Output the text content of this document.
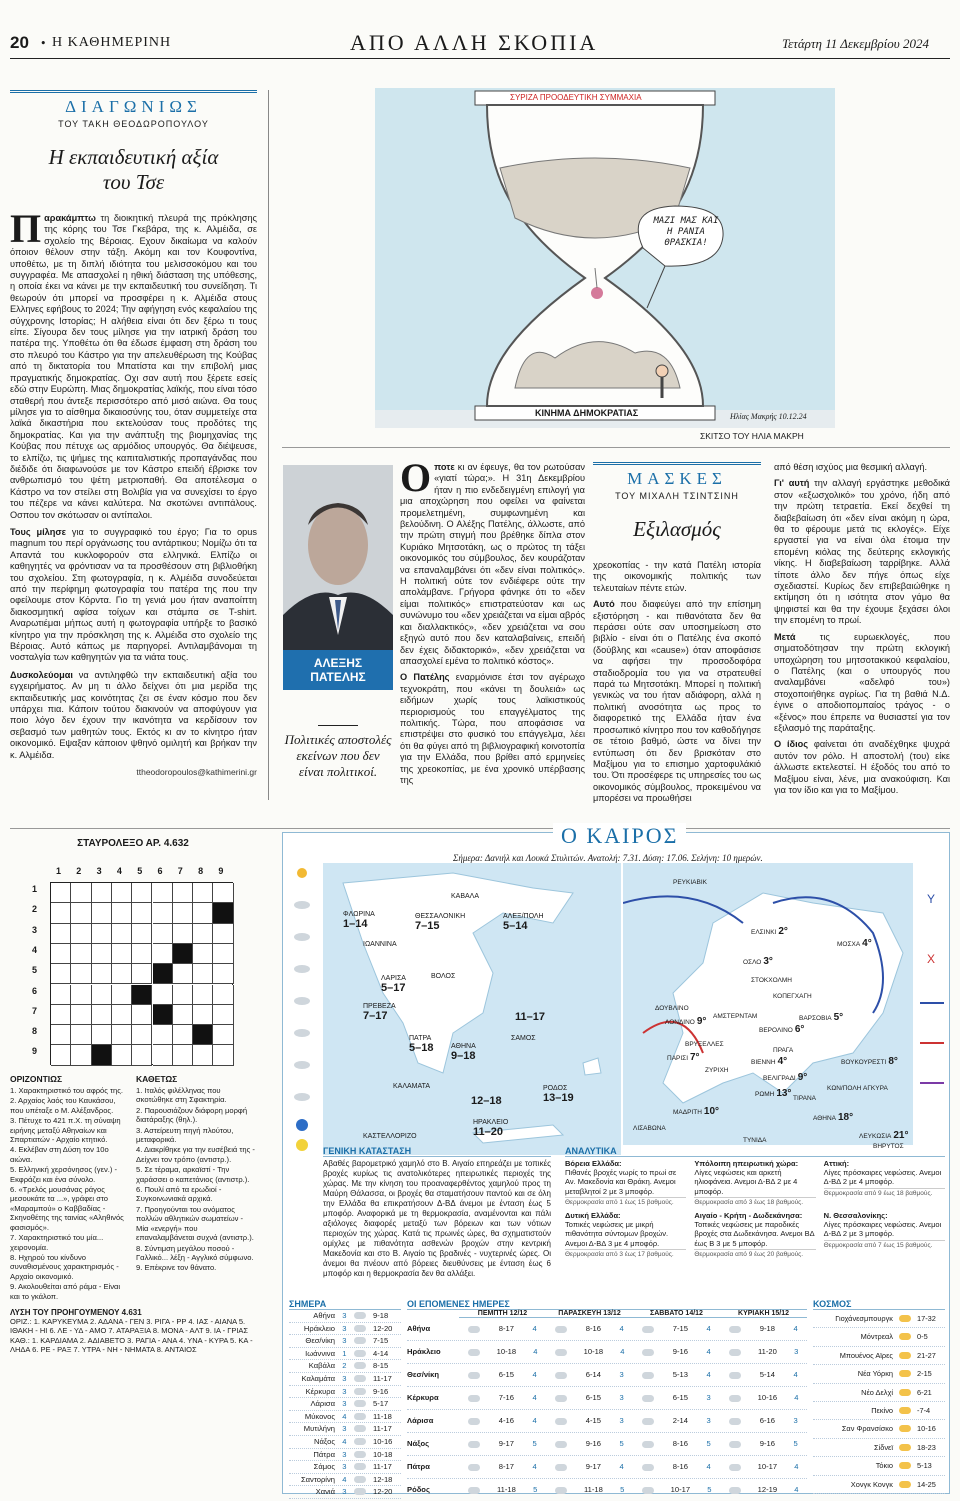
20 • Η ΚΑΘΗΜΕΡΙΝΗ	ΑΠΟ ΑΛΛΗ ΣΚΟΠΙΑ	Τετάρτη 11 Δεκεμβρίου 2024
ΔΙΑΓΩΝΙΩΣ
ΤΟΥ ΤΑΚΗ ΘΕΟΔΩΡΟΠΟΥΛΟΥ
Η εκπαιδευτική αξία του Τσε

Παρακάμπτω τη διοικητική πλευρά της πρόκλησης της κόρης του Τσε Γκεβάρα, της κ. Αλμέιδα, σε σχολείο της Βέροιας. Εχουν δικαίωμα να καλούν όποιον θέλουν στην τάξη. Ακόμη και τον Κουφοντίνα, υποθέτω, με τη διπλή ιδιότητα του μελισσοκόμου και του συγγραφέα. Με απασχολεί η ηθική διάσταση της υπόθεσης, η οποία έκει να κάνει με την εκπαιδευτική του συνείδηση. Τι θεωρούν ότι μπορεί να προσφέρει η κ. Αλμέιδα στους Ελληνες εφήβους το 2024; Την αφήγηση ενός κεφαλαίου της σύγχρονης Ιστορίας; Η αλήθεια είναι ότι δεν ξέρω τι τους είπε. Σίγουρα δεν τους μίλησε για την ιατρική δράση του πατέρα της. Υποθέτω ότι θα έδωσε έμφαση στη δράση του στο πλευρό του Κάστρο για την απελευθέρωση της Κούβας από τη δικτατορία του Μπατίστα και την επιβολή μιας πραγματικής δημοκρατίας. Οχι σαν αυτή που ξέρετε εσείς εδώ στην Ευρώπη. Μιας δημοκρατίας λαϊκής, που είναι τόσο σταθερή που άντεξε περισσότερο από μισό αιώνα. Θα τους μίλησε για το αίσθημα δικαιοσύνης του, όταν συμμετείχε στα λαϊκά δικαστήρια που εκτελούσαν τους προδότες της δημοκρατίας. Και για την ανάπτυξη της βιομηχανίας της Κούβας που πέτυχε ως αρμόδιος υπουργός. Θα διέψευσε, το ελπίζω, τις ψήμες της καπιταλιστικής προπαγάνδας που διέδιδε ότι διαφωνούσε με τον Κάστρο επειδή έβρισκε τον ανθρωπισμό του ψέτη μετριοπαθή. Θα αποτέλεσμα ο Κάστρο να τον στείλει στη Βολιβία για να συνεχίσει το έργο του πέζερε να κάνει καλύτερα. Να σκοτώνει αντιπάλους. Οσπου τον σκότωσαν οι αντίπαλοι.

Τους μίλησε για το συγγραφικό του έργο; Για το opus magnum του περί οργάνωσης του αντάρτικου; Νομίζω ότι τα Απαντά του κυκλοφορούν στα ελληνικά. Ελπίζω οι καθηγητές να φρόντισαν να τα προσθέσουν στη βιβλιοθήκη του σχολείου. Στη φωτογραφία, η κ. Αλμέιδα συνοδεύεται από την περίφημη φωτογραφία του πατέρα της που την οφείλουμε στον Κόρντα. Γιο τη γενιά μου ήταν αναποίπτη διακοσμητική αφίσα τοίχων και στάμπα σε T-shirt. Αναρωτιέμαι μήπως αυτή η φωτογραφία υπήρξε το βασικό κίνητρο για την πρόσκληση της κ. Αλμέιδα στο σχολείο της Βέροιας. Αυτό κάπως με παρηγορεί. Αντιλαμβάνομαι τη νοσταλγία των καθηγητών για τα νιάτα τους.

Δυσκολεύομαι να αντιληφθώ την εκπαιδευτική αξία του εγχειρήματος. Αν μη τι άλλο δείχνει ότι μια μερίδα της εκπαιδευτικής μας κοινότητας ζει σε έναν κόσμο που δεν υπάρχει πια. Κάποιν τούτου διακινούν να αποφύγουν για ποιο λόγο δεν έχουν την ικανότητα να κερδίσουν τον σεβασμό των μαθητών τους. Εκτός κι αν το κίνητρο ήταν οικονομικό. Εψαξαν κάποιον ψθηνό ομιλητή και βρήκαν την κ. Αλμέιδα.

ttheodoropoulos@kathimerini.gr
ΣΥΡΙΖΑ ΠΡΟΟΔΕΥΤΙΚΗ ΣΥΜΜΑΧΙΑ
ΚΙΝΗΜΑ ΔΗΜΟΚΡΑΤΙΑΣ
ΜΑΖΙ ΜΑΣ ΚΑΙ Η ΡΑΝΙΑ ΘΡΑΣΚΙΑ!
Ηλίας Μακρής 10.12.24
ΣΚΙΤΣΟ ΤΟΥ ΗΛΙΑ ΜΑΚΡΗ
ΑΛΕΞΗΣ
ΠΑΤΕΛΗΣ
Πολιτικές αποστολές εκείνων που δεν είναι πολιτικοί.

Οποτε κι αν έφευγε, θα τον ρωτούσαν «γιατί τώρα;». Η 31η Δεκεμβρίου ήταν η πιο ενδεδειγμένη επιλογή για μια αποχώρηση που οφείλει να φαίνεται προμελετημένη, συμφωνημένη και βελούδινη. Ο Αλέξης Πατέλης, άλλωστε, από την πρώτη στιγμή που βρέθηκε δίπλα στον Κυριάκο Μητσοτάκη, ως ο πρώτος τη τάξει οικονομικός του σύμβουλος, δεν κουράζοταν να επαναλαμβάνει ότι «δεν είναι πολιτικός». Η πολιτική ούτε τον ενδιέφερε ούτε την απολάμβανε. Γρήγορα φάνηκε ότι το «δεν είμαι πολιτικός» επιστρατεύοταν και ως συνώνυμο του «δεν χρειάζεται να είμαι αβρός και διαλλακτικός», «δεν χρειάζεται να σου εξηγώ αυτό που δεν καταλαβαίνεις, επειδή δεν έχεις διδακτορικό», «δεν χρειάζεται να απασχολεί εμένα το πολιτικό κόστος».

Ο Πατέλης εναρμόνισε έτσι τον αγέρωχο τεχνοκράτη, που «κάνει τη δουλειά» ως ειδήμων χωρίς τους λαϊκιστικούς περιορισμούς του επαγγέλματος της πολιτικής. Τώρα, που αποφάσισε να επιστρέψει στο φυσικό του επάγγελμα, λέει ότι θα φύγει από τη βιβλιογραφική κοινοτοπία για την Ελλάδα, που βρίθει από ερμηνείες της χρεοκοπίας, με ένα χρονικό υπέρβασης της

ΜΑΣΚΕΣ
ΤΟΥ ΜΙΧΑΛΗ ΤΣΙΝΤΣΙΝΗ
Εξιλασμός

χρεοκοπίας - την κατά Πατέλη ιστορία της οικονομικής πολιτικής των τελευταίων πέντε ετών.

Αυτό που διαφεύγει από την επίσημη εξιστόρηση - και πιθανότατα δεν θα περάσει ούτε σαν υποσημείωση στο βιβλίο - είναι ότι ο Πατέλης ένα σκοπό (δούβλης και «cause») όταν αποφάσισε να αφήσει την προσοδοφόρα σταδιοδρομία του για να στρατευθεί παρά τω Μητσοτάκη. Μπορεί η πολιτική γενικώς να του ήταν αδιάφορη, αλλά η πολιτική ανοσότητα ως προς το διαφορετικό της Ελλάδα ήταν ένα προσωπικό κίνητρο που τον καθοδήγησε σε τέτοιο βαθμό, ώστε να δίνει την εντύπωση ότι δεν βρισκόταν στο Μαξίμου για το επισημο χαρτοφυλάκιό του. Ότι προσέφερε τις υπηρεσίες του ως οικονομικός σύμβουλος, προκειμένου να μπορέσει να προωθήσει

από θέση ισχύος μια θεσμική αλλαγή.

Γι' αυτή την αλλαγή εργάστηκε μεθοδικά στον «εξωσχολικό» του χρόνο, ήδη από την πρώτη τετραετία. Εκεί δεχθεί τη διαβεβαίωση ότι «δεν είναι ακόμη η ώρα, θα το φέρουμε μετά τις εκλογές». Είχε εργαστεί για να είναι όλα έτοιμα την επομένη κιόλας της δεύτερης εκλογικής νίκης. Η διαβεβαίωση ταρρίβηκε. Αλλά τίποτε άλλο δεν πήγε όπως είχε σχεδιαστεί. Κυρίως δεν επιβεβαιώθηκε η εκτίμηση ότι η ισότητα στον γάμο θα ψηφιστεί και θα την έχουμε ξεχάσει όλοι την επομένη το πρωί.

Μετά	τις ευρωεκλογές, που σηματοδότησαν την πρώτη εκλογική υποχώρηση του μητσοτακικού κεφαλαίου, ο Πατέλης (και ο υπουργός που αναλαμβάνει «αδελφό του») στοχοποιήθηκε αγρίως. Για τη βαθιά Ν.Δ. έγινε ο αποδιοπομπαίος τράγος - ο «ξένος» που έπρεπε να θυσιαστεί για τον εξιλασμό της παράταξης.

Ο ίδιος φαίνεται ότι αναδέχθηκε ψυχρά αυτόν τον ρόλο. Η αποστολή (του) είκε άλλωστε εκτελεστεί. Η έξοδός του από το Μαξίμου είναι, λένε, μια ανακούφιση. Και για τον ίδιο και για το Μαξίμου.

ΣΤΑΥΡΟΛΕΞΟ ΑΡ. 4.632
1 2 3 4 5 6 7 8 9
1
2
3
4
5
6
7
8
9
ΟΡΙΖΟΝΤΙΩΣ
1. Χαρακτηριστικό του αφρός της.
2. Αρχαίος λαός του Καυκάσου, που υπέταξε ο Μ. Αλέξανδρος.
3. Πέτυχε το 421 π.Χ. τη σύναψη ειρήνης μεταξύ Αθηναίων και Σπαρτιατών - Αρχαίο κτητικό.
4. Εκλέβαν στη Δύση τον 10ο αιώνα.
5. Ελληνική χερσόνησος (γεν.) - Εκφράζει και ένα σύνολο.
6. «Τρελός μουσάνας ράγος μεσουκάτε τα ...», γράφει στο «Μαραμπού» ο Καββαδίας - Σκηνοθέτης της ταινίας «Αληθινός φασισμός».
7. Χαρακτηριστικό του μία... χειρονομία.
8. Ηχηρού του κίνδυνο συναθισμένους χαρακτηρισμός - Αρχαίο οικονομικό.
9. Ακολουθείται από ράμα - Είναι και το γκάλοπ.
ΚΑΘΕΤΩΣ
1. Ιταλός φιλέλληνας που σκοτώθηκε στη Σφακτηρία.
2. Παρουσιάζουν διάφορη μορφή διατάραξης (θηλ.).
3. Αστείρευτη πηγή πλούτου, μεταφορικά.
4. Διακρίθηκε για την ευσέβειά της - Δείχνει τον τρόπο (αντιστρ.).
5. Σε τέραμα, αρκαϊστί - Την χαράσσει ο καπετάνιος (αντιστρ.).
6. Πουλί από τα ερωδιοί - Συγκοινωνιακά αρχικά.
7. Προηγούνται του ονόματος πολλών αθλητικών σωματείων - Μία «ενεργή» που επαναλαμβάνεται συχνά (αντιστρ.).
8. Σύντιμση μεγάλου ποσού - Γαλλικό... λέξη - Αγγλικό σύμφωνο.
9. Επέκρινε τον θάνατο.
ΛΥΣΗ ΤΟΥ ΠΡΟΗΓΟΥΜΕΝΟΥ 4.631
ΟΡΙΖ.: 1. ΚΑΡΥΚΕΥΜΑ 2. ΑΔΑΝΑ - ΓΕΝ 3. ΡΙΓΑ - ΡΡ 4. ΙΑΣ - ΑΙΑΝΑ 5. ΙΘΑΚΗ - ΗΙ 6. ΛΕ - ΥΔ - ΑΜΟ 7. ΑΤΑΡΑΞΙΑ 8. ΜΟΝΑ - ΑΛΤ 9. ΙΑ - ΓΡΙΑΣ ΚΑΘ.: 1. ΚΑΡΔΙΑΜΑ 2. ΑΔΙΑΒΕΤΟ 3. ΡΑΓΙΑ - ΑΝΑ 4. ΥΝΑ - ΚΥΡΑ 5. ΚΑ - ΛΗΔΑ 6. ΡΕ - ΡΑΞ 7. ΥΤΡΑ - ΝΗ - ΝΗΜΑΤΑ 8. ΑΝΤΑΙΟΣ
Ο ΚΑΙΡΟΣ
Σήμερα: Δανιήλ και Λουκά Στυλιτών. Ανατολή: 7.31. Δύση: 17.06. Σελήνη: 10 ημερών.
ΦΛΩΡΙΝΑ
1–14
ΘΕΣΣΑΛΟΝΙΚΗ
7–15
ΚΑΒΑΛΑ
ΑΛΕΞ/ΠΟΛΗ
5–14
ΙΩΑΝΝΙΝΑ
ΛΑΡΙΣΑ
5–17
ΒΟΛΟΣ
ΠΡΕΒΕΖΑ
7–17
ΠΑΤΡΑ
5–18	ΑΘΗΝΑ
9–18
ΣΑΜΟΣ
ΚΑΛΑΜΑΤΑ	ΡΟΔΟΣ
13–19
11–17
12–18
ΗΡΑΚΛΕΙΟ
11–20
ΚΑΣΤΕΛΛΟΡΙΖΟ
ΡΕΥΚΙΑΒΙΚ
ΕΛΣΙΝΚΙ 2°
ΜΟΣΧΑ 4°
ΟΣΛΟ 3°
ΣΤΟΚΧΟΛΜΗ
ΚΟΠΕΓΧΑΓΗ
ΔΟΥΒΛΙΝΟ
ΑΜΣΤΕΡΝΤΑΜ	ΒΑΡΣΟΒΙΑ 5°
ΛΟΝΔΙΝΟ 9°
ΒΕΡΟΛΙΝΟ 6°
ΒΡΥΞΕΛΛΕΣ
ΠΡΑΓΑ
ΠΑΡΙΣΙ 7°	ΒΙΕΝΝΗ 4°	ΒΟΥΚΟΥΡΕΣΤΙ 8°
ΖΥΡΙΧΗ
ΒΕΛΙΓΡΑΔΙ 9°
ΚΩΝ/ΠΟΛΗ ΑΓΚΥΡΑ
ΡΩΜΗ 13° ΤΙΡΑΝΑ
ΜΑΔΡΙΤΗ 10°
ΑΘΗΝΑ 18°
ΛΙΣΑΒΩΝΑ
ΛΕΥΚΩΣΙΑ 21°
ΒΗΡΥΤΟΣ
ΤΥΝΙΔΑ
Y
X
ΓΕΝΙΚΗ ΚΑΤΑΣΤΑΣΗ
Αβαθές βαρομετρικό χαμηλό στο Β. Αιγαίο επηρεάζει με τοπικές βροχές κυρίως τις ανατολικότερες ηπειρωτικές περιοχές της χώρας. Με την κίνηση του προαναφερθέντος χαμηλού προς τη Μαύρη Θάλασσα, οι βροχές θα σταματήσουν παντού και σε όλη την Ελλάδα θα επικρατήσουν Δ-ΒΔ άνεμοι με ένταση έως 5 μποφόρ. Αναφορικά με τη θερμοκρασία, αναμένονται και πάλι αξιόλογες διαφορές μεταξύ των βόρειων και των νότιων περιοχών της χώρας. Κατά τις πρωινές ώρες, θα σχηματιστούν ομίχλες με πιθανότητα ασθενών βροχών στην κεντρική Μακεδονία και στο Β. Αιγαίο τις βραδινές - νυχτερινές ώρες. Οι άνεμοι θα πνέουν από βόρειες διευθύνσεις με ένταση έως 6 μποφόρ και η θερμοκρασία δεν θα αλλάξει.
ΑΝΑΛΥΤΙΚΑ
Βόρεια Ελλάδα:
Πιθανές βροχές νωρίς το πρωί σε Αν. Μακεδονία και Θράκη. Ανεμοι μεταβλητοί 2 με 3 μποφόρ.
Θερμοκρασία από 1 έως 15 βαθμούς.
Υπόλοιπη ηπειρωτική χώρα:
Λίγες νεφώσεις και αρκετή ηλιοφάνεια. Ανεμοι Δ-ΒΔ 2 με 4 μποφόρ.
Θερμοκρασία από 3 έως 18 βαθμούς.
Αττική:
Λίγες πρόσκαιρες νεφώσεις. Ανεμοι Δ-ΒΔ 2 με 4 μποφόρ.
Θερμοκρασία από 9 έως 18 βαθμούς.
Δυτική Ελλάδα:
Τοπικές νεφώσεις με μικρή πιθανότητα σύντομων βροχών. Ανεμοι Δ-ΒΔ 3 με 4 μποφόρ.
Θερμοκρασία από 3 έως 17 βαθμούς.
Αιγαίο - Κρήτη - Δωδεκάνησα:
Τοπικές νεφώσεις με παροδικές βροχές στα Δωδεκάνησα. Ανεμοι ΒΔ έως Β 3 με 5 μποφόρ.
Θερμοκρασία από 9 έως 20 βαθμούς.
Ν. Θεσσαλονίκης:
Λίγες πρόσκαιρες νεφώσεις. Ανεμοι Δ-ΒΔ 2 με 3 μποφόρ.
Θερμοκρασία από 7 έως 15 βαθμούς.
ΣΗΜΕΡΑ
Αθήνα 3	9-18
Ηράκλειο 3	12-20
Θεσ/νίκη 3	7-15
Ιωάννινα 1	4-14
Καβάλα 2	8-15
Καλαμάτα 3	11-17
Κέρκυρα 3	9-16
Λάρισα 3	5-17
Μύκονος 4	11-18
Μυτιλήνη 3	11-17
Νάξος 4	10-16
Πάτρα 3	10-18
Σάμος 3	11-17
Σαντορίνη 4	12-18
Χανιά 3	12-20
ΟΙ ΕΠΟΜΕΝΕΣ ΗΜΕΡΕΣ
ΠΕΜΠΤΗ 12/12	ΠΑΡΑΣΚΕΥΗ 13/12	ΣΑΒΒΑΤΟ 14/12	ΚΥΡΙΑΚΗ 15/12
Αθήνα	8-17 4	8-16 4	7-15 4	9-18 4
Ηράκλειο	10-18 4	10-18 4	9-16 4	11-20 3
Θεσ/νίκη	6-15 4	6-14 3	5-13 4	5-14 4
Κέρκυρα	7-16 4	6-15 3	6-15 3	10-16 4
Λάρισα	4-16 4	4-15 3	2-14 3	6-16 3
Νάξος	9-17 5	9-16 5	8-16 5	9-16 5
Πάτρα	8-17 4	9-17 4	8-16 4	10-17 4
Ρόδος	11-18 5	11-18 5	10-17 5	12-19 4
ΚΟΣΜΟΣ
Γιοχάνεσμπουργκ	17-32
Μόντρεαλ	0-5
Μπουένος Αϊρες	21-27
Νέα Υόρκη	2-15
Νέο Δελχί	6-21
Πεκίνο	-7-4
Σαν Φρανσίσκο	10-16
Σίδνεϊ	18-23
Τόκιο	5-13
Χονγκ Κονγκ	14-25
